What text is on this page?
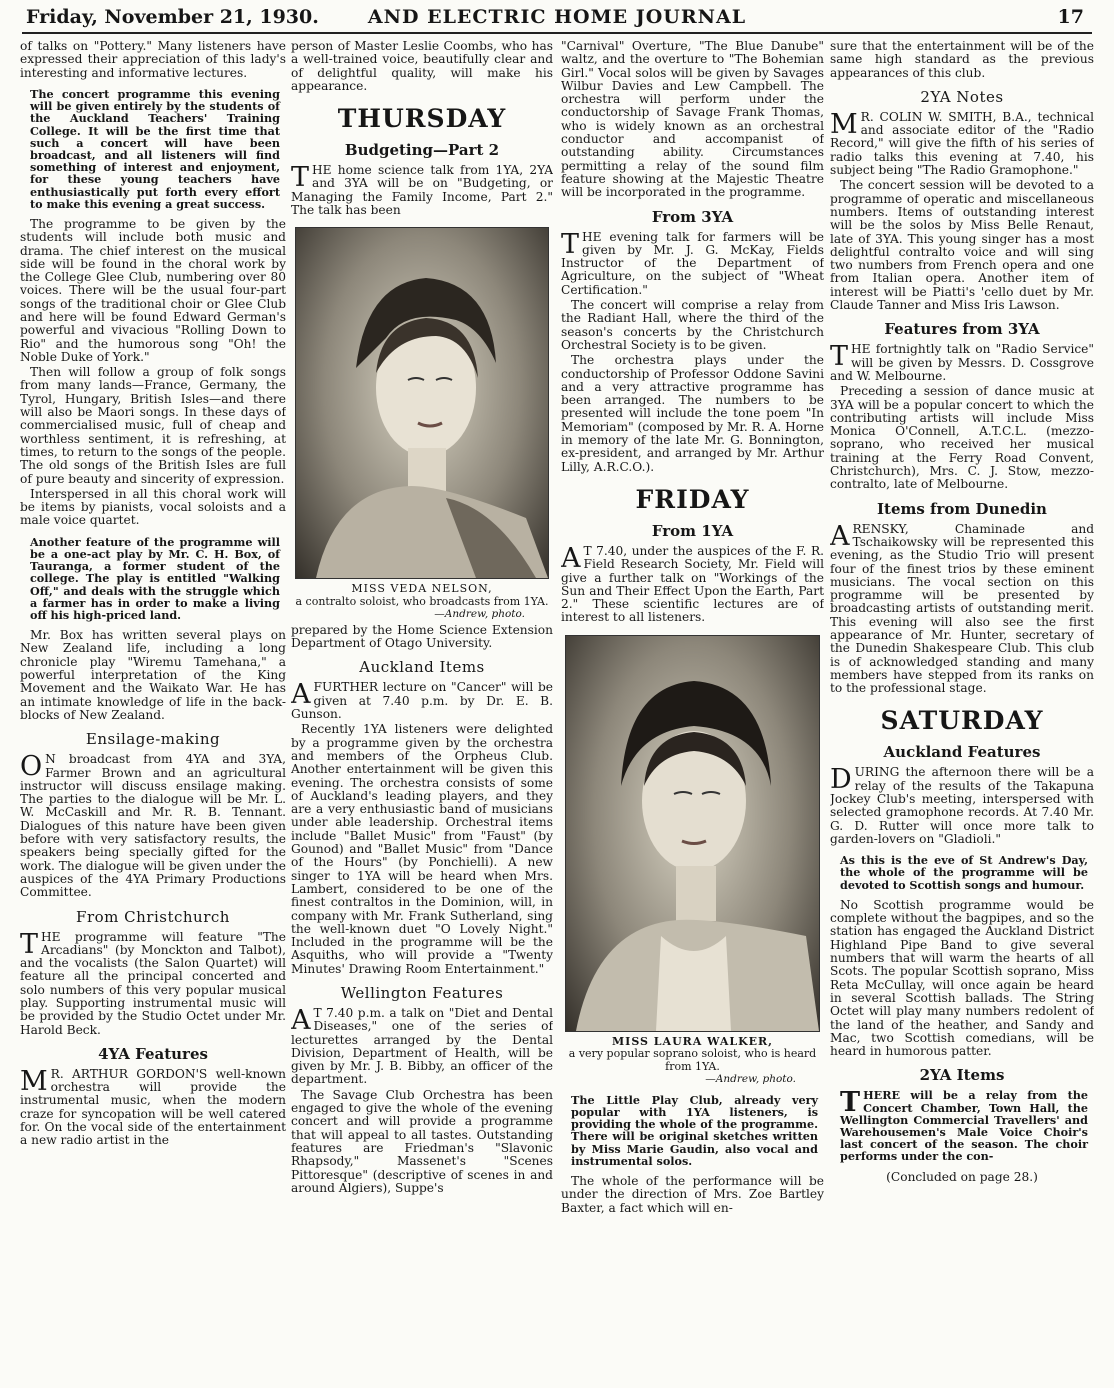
Friday, November 21, 1930.	AND ELECTRIC HOME JOURNAL	17

of talks on "Pottery." Many listeners have expressed their appreciation of this lady's interesting and informative lectures.

The concert programme this evening will be given entirely by the students of the Auckland Teachers' Training College. It will be the first time that such a concert will have been broadcast, and all listeners will find something of interest and enjoyment, for these young teachers have enthusiastically put forth every effort to make this evening a great success.

The programme to be given by the students will include both music and drama. The chief interest on the musical side will be found in the choral work by the College Glee Club, numbering over 80 voices. There will be the usual four-part songs of the traditional choir or Glee Club and here will be found Edward German's powerful and vivacious "Rolling Down to Rio" and the humorous song "Oh! the Noble Duke of York."

Then will follow a group of folk songs from many lands—France, Germany, the Tyrol, Hungary, British Isles—and there will also be Maori songs. In these days of commercialised music, full of cheap and worthless sentiment, it is refreshing, at times, to return to the songs of the people. The old songs of the British Isles are full of pure beauty and sincerity of expression.

Interspersed in all this choral work will be items by pianists, vocal soloists and a male voice quartet.

Another feature of the programme will be a one-act play by Mr. C. H. Box, of Tauranga, a former student of the college. The play is entitled "Walking Off," and deals with the struggle which a farmer has in order to make a living off his high-priced land.

Mr. Box has written several plays on New Zealand life, including a long chronicle play "Wiremu Tamehana," a powerful interpretation of the King Movement and the Waikato War. He has an intimate knowledge of life in the back-blocks of New Zealand.

Ensilage-making

O N broadcast from 4YA and 3YA, Farmer Brown and an agricultural instructor will discuss ensilage making. The parties to the dialogue will be Mr. L. W. McCaskill and Mr. R. B. Tennant. Dialogues of this nature have been given before with very satisfactory results, the speakers being specially gifted for the work. The dialogue will be given under the auspices of the 4YA Primary Productions Committee.

From Christchurch

THE programme will feature "The Arcadians" (by Monckton and Talbot), and the vocalists (the Salon Quartet) will feature all the principal concerted and solo numbers of this very popular musical play. Supporting instrumental music will be provided by the Studio Octet under Mr. Harold Beck.

4YA Features

M R. ARTHUR GORDON'S well-known orchestra will provide the instrumental music, when the modern craze for syncopation will be well catered for. On the vocal side of the entertainment a new radio artist in the

person of Master Leslie Coombs, who has a well-trained voice, beautifully clear and of delightful quality, will make his appearance.

THURSDAY
Budgeting—Part 2

THE home science talk from 1YA, 2YA and 3YA will be on "Budgeting, or Managing the Family Income, Part 2." The talk has been

MISS VEDA NELSON,
a contralto soloist, who broadcasts from 1YA.
—Andrew, photo.

prepared by the Home Science Extension Department of Otago University.

Auckland Items

AFURTHER lecture on "Cancer" will be given at 7.40 p.m. by Dr. E. B. Gunson.

Recently 1YA listeners were delighted by a programme given by the orchestra and members of the Orpheus Club. Another entertainment will be given this evening. The orchestra consists of some of Auckland's leading players, and they are a very enthusiastic band of musicians under able leadership. Orchestral items include "Ballet Music" from "Faust" (by Gounod) and "Ballet Music" from "Dance of the Hours" (by Ponchielli). A new singer to 1YA will be heard when Mrs. Lambert, considered to be one of the finest contraltos in the Dominion, will, in company with Mr. Frank Sutherland, sing the well-known duet "O Lovely Night." Included in the programme will be the Asquiths, who will provide a "Twenty Minutes' Drawing Room Entertainment."

Wellington Features

A T 7.40 p.m. a talk on "Diet and Dental Diseases," one of the series of lecturettes arranged by the Dental Division, Department of Health, will be given by Mr. J. B. Bibby, an officer of the department.

The Savage Club Orchestra has been engaged to give the whole of the evening concert and will provide a programme that will appeal to all tastes. Outstanding features are Friedman's "Slavonic Rhapsody," Massenet's "Scenes Pittoresque" (descriptive of scenes in and around Algiers), Suppe's

"Carnival" Overture, "The Blue Danube" waltz, and the overture to "The Bohemian Girl." Vocal solos will be given by Savages Wilbur Davies and Lew Campbell. The orchestra will perform under the conductorship of Savage Frank Thomas, who is widely known as an orchestral conductor and accompanist of outstanding ability. Circumstances permitting a relay of the sound film feature showing at the Majestic Theatre will be incorporated in the programme.

From 3YA

THE evening talk for farmers will be given by Mr. J. G. McKay, Fields Instructor of the Department of Agriculture, on the subject of "Wheat Certification."

The concert will comprise a relay from the Radiant Hall, where the third of the season's concerts by the Christchurch Orchestral Society is to be given.

The orchestra plays under the conductorship of Professor Oddone Savini and a very attractive programme has been arranged. The numbers to be presented will include the tone poem "In Memoriam" (composed by Mr. R. A. Horne in memory of the late Mr. G. Bonnington, ex-president, and arranged by Mr. Arthur Lilly, A.R.C.O.).

FRIDAY
From 1YA

A T 7.40, under the auspices of the F. R. Field Research Society, Mr. Field will give a further talk on "Workings of the Sun and Their Effect Upon the Earth, Part 2." These scientific lectures are of interest to all listeners.

MISS LAURA WALKER,
a very popular soprano soloist, who is heard from 1YA.
—Andrew, photo.

The Little Play Club, already very popular with 1YA listeners, is providing the whole of the programme. There will be original sketches written by Miss Marie Gaudin, also vocal and instrumental solos.

The whole of the performance will be under the direction of Mrs. Zoe Bartley Baxter, a fact which will en-

sure that the entertainment will be of the same high standard as the previous appearances of this club.

2YA Notes

M R. COLIN W. SMITH, B.A., technical and associate editor of the "Radio Record," will give the fifth of his series of radio talks this evening at 7.40, his subject being "The Radio Gramophone."

The concert session will be devoted to a programme of operatic and miscellaneous numbers. Items of outstanding interest will be the solos by Miss Belle Renaut, late of 3YA. This young singer has a most delightful contralto voice and will sing two numbers from French opera and one from Italian opera. Another item of interest will be Piatti's 'cello duet by Mr. Claude Tanner and Miss Iris Lawson.

Features from 3YA

THE fortnightly talk on "Radio Service" will be given by Messrs. D. Cossgrove and W. Melbourne.

Preceding a session of dance music at 3YA will be a popular concert to which the contributing artists will include Miss Monica O'Connell, A.T.C.L. (mezzo-soprano, who received her musical training at the Ferry Road Convent, Christchurch), Mrs. C. J. Stow, mezzo-contralto, late of Melbourne.

Items from Dunedin

ARENSKY, Chaminade and Tschaikowsky will be represented this evening, as the Studio Trio will present four of the finest trios by these eminent musicians. The vocal section on this programme will be presented by broadcasting artists of outstanding merit. This evening will also see the first appearance of Mr. Hunter, secretary of the Dunedin Shakespeare Club. This club is of acknowledged standing and many members have stepped from its ranks on to the professional stage.

SATURDAY
Auckland Features

DURING the afternoon there will be a relay of the results of the Takapuna Jockey Club's meeting, interspersed with selected gramophone records. At 7.40 Mr. G. D. Rutter will once more talk to garden-lovers on "Gladioli."

As this is the eve of St Andrew's Day, the whole of the programme will be devoted to Scottish songs and humour.

No Scottish programme would be complete without the bagpipes, and so the station has engaged the Auckland District Highland Pipe Band to give several numbers that will warm the hearts of all Scots. The popular Scottish soprano, Miss Reta McCullay, will once again be heard in several Scottish ballads. The String Octet will play many numbers redolent of the land of the heather, and Sandy and Mac, two Scottish comedians, will be heard in humorous patter.

2YA Items

THERE will be a relay from the Concert Chamber, Town Hall, the Wellington Commercial Travellers' and Warehousemen's Male Voice Choir's last concert of the season. The choir performs under the con-

(Concluded on page 28.)
